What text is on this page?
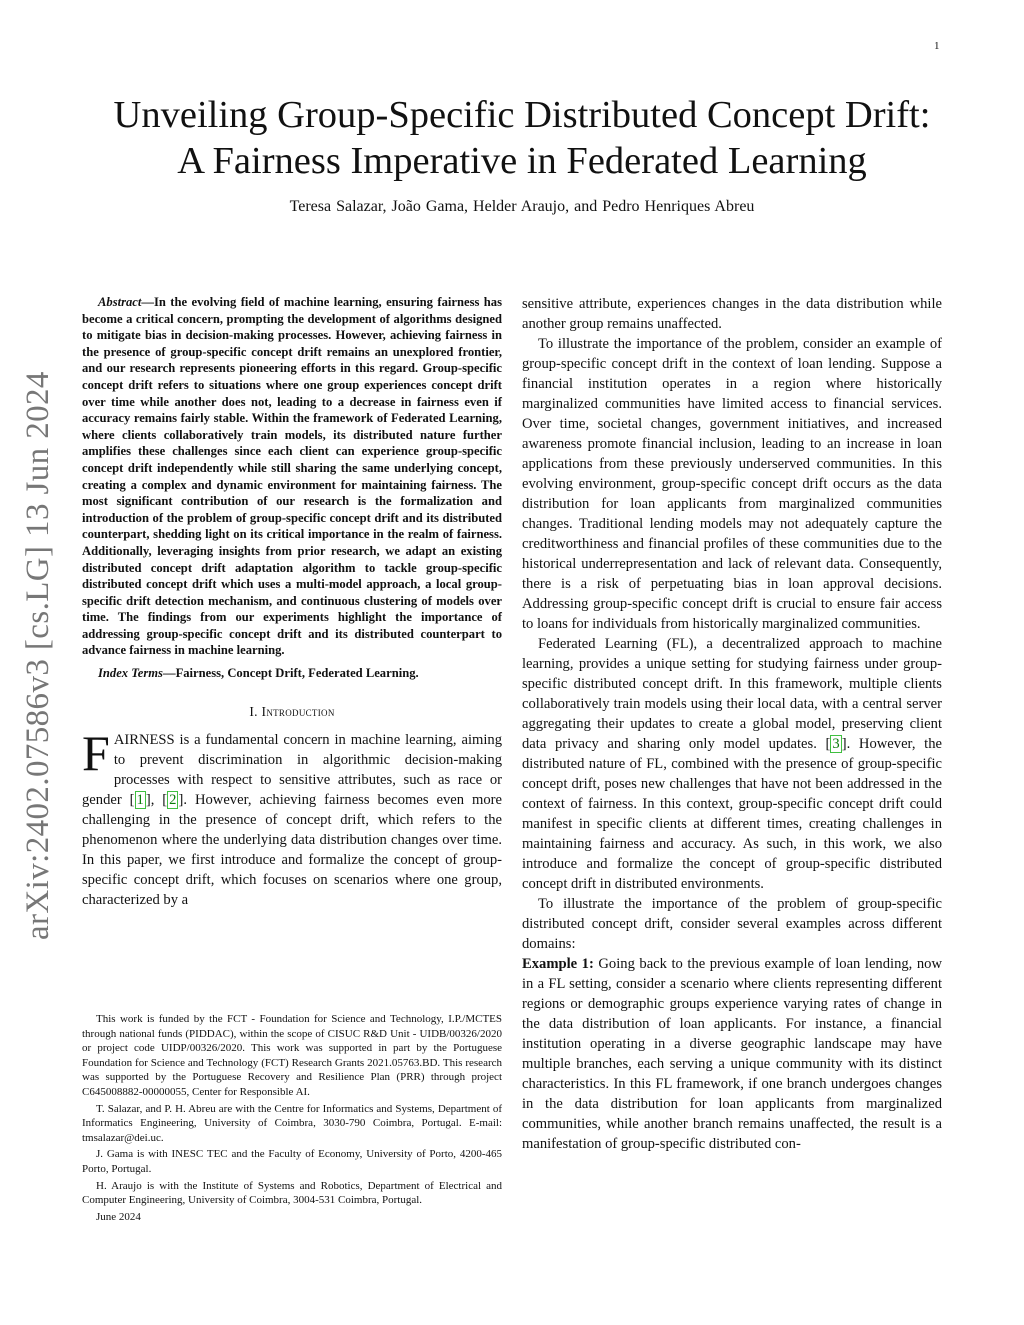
1
arXiv:2402.07586v3 [cs.LG] 13 Jun 2024
Unveiling Group-Specific Distributed Concept Drift:
A Fairness Imperative in Federated Learning
Teresa Salazar, João Gama, Helder Araujo, and Pedro Henriques Abreu

Abstract—In the evolving field of machine learning, ensuring fairness has become a critical concern, prompting the development of algorithms designed to mitigate bias in decision-making processes. However, achieving fairness in the presence of group-specific concept drift remains an unexplored frontier, and our research represents pioneering efforts in this regard. Group-specific concept drift refers to situations where one group experiences concept drift over time while another does not, leading to a decrease in fairness even if accuracy remains fairly stable. Within the framework of Federated Learning, where clients collaboratively train models, its distributed nature further amplifies these challenges since each client can experience group-specific concept drift independently while still sharing the same underlying concept, creating a complex and dynamic environment for maintaining fairness. The most significant contribution of our research is the formalization and introduction of the problem of group-specific concept drift and its distributed counterpart, shedding light on its critical importance in the realm of fairness. Additionally, leveraging insights from prior research, we adapt an existing distributed concept drift adaptation algorithm to tackle group-specific distributed concept drift which uses a multi-model approach, a local group-specific drift detection mechanism, and continuous clustering of models over time. The findings from our experiments highlight the importance of addressing group-specific concept drift and its distributed counterpart to advance fairness in machine learning.

Index Terms—Fairness, Concept Drift, Federated Learning.

I. Introduction

FAIRNESS is a fundamental concern in machine learning, aiming to prevent discrimination in algorithmic decision-making processes with respect to sensitive attributes, such as race or gender [ 1 ], [ 2 ]. However, achieving fairness becomes even more challenging in the presence of concept drift, which refers to the phenomenon where the underlying data distribution changes over time. In this paper, we first introduce and formalize the concept of group-specific concept drift, which focuses on scenarios where one group, characterized by a

This work is funded by the FCT - Foundation for Science and Technology, I.P./MCTES through national funds (PIDDAC), within the scope of CISUC R&D Unit - UIDB/00326/2020 or project code UIDP/00326/2020. This work was supported in part by the Portuguese Foundation for Science and Technology (FCT) Research Grants 2021.05763.BD. This research was supported by the Portuguese Recovery and Resilience Plan (PRR) through project C645008882-00000055, Center for Responsible AI.

T. Salazar, and P. H. Abreu are with the Centre for Informatics and Systems, Department of Informatics Engineering, University of Coimbra, 3030-790 Coimbra, Portugal. E-mail: tmsalazar@dei.uc.

J. Gama is with INESC TEC and the Faculty of Economy, University of Porto, 4200-465 Porto, Portugal.

H. Araujo is with the Institute of Systems and Robotics, Department of Electrical and Computer Engineering, University of Coimbra, 3004-531 Coimbra, Portugal.

June 2024

sensitive attribute, experiences changes in the data distribution while another group remains unaffected.

To illustrate the importance of the problem, consider an example of group-specific concept drift in the context of loan lending. Suppose a financial institution operates in a region where historically marginalized communities have limited access to financial services. Over time, societal changes, government initiatives, and increased awareness promote financial inclusion, leading to an increase in loan applications from these previously underserved communities. In this evolving environment, group-specific concept drift occurs as the data distribution for loan applicants from marginalized communities changes. Traditional lending models may not adequately capture the creditworthiness and financial profiles of these communities due to the historical underrepresentation and lack of relevant data. Consequently, there is a risk of perpetuating bias in loan approval decisions. Addressing group-specific concept drift is crucial to ensure fair access to loans for individuals from historically marginalized communities.

Federated Learning (FL), a decentralized approach to machine learning, provides a unique setting for studying fairness under group-specific distributed concept drift. In this framework, multiple clients collaboratively train models using their local data, with a central server aggregating their updates to create a global model, preserving client data privacy and sharing only model updates. [ 3 ]. However, the distributed nature of FL, combined with the presence of group-specific concept drift, poses new challenges that have not been addressed in the context of fairness. In this context, group-specific concept drift could manifest in specific clients at different times, creating challenges in maintaining fairness and accuracy. As such, in this work, we also introduce and formalize the concept of group-specific distributed concept drift in distributed environments.

To illustrate the importance of the problem of group-specific distributed concept drift, consider several examples across different domains:

Example 1: Going back to the previous example of loan lending, now in a FL setting, consider a scenario where clients representing different regions or demographic groups experience varying rates of change in the data distribution of loan applicants. For instance, a financial institution operating in a diverse geographic landscape may have multiple branches, each serving a unique community with its distinct characteristics. In this FL framework, if one branch undergoes changes in the data distribution for loan applicants from marginalized communities, while another branch remains unaffected, the result is a manifestation of group-specific distributed con-
